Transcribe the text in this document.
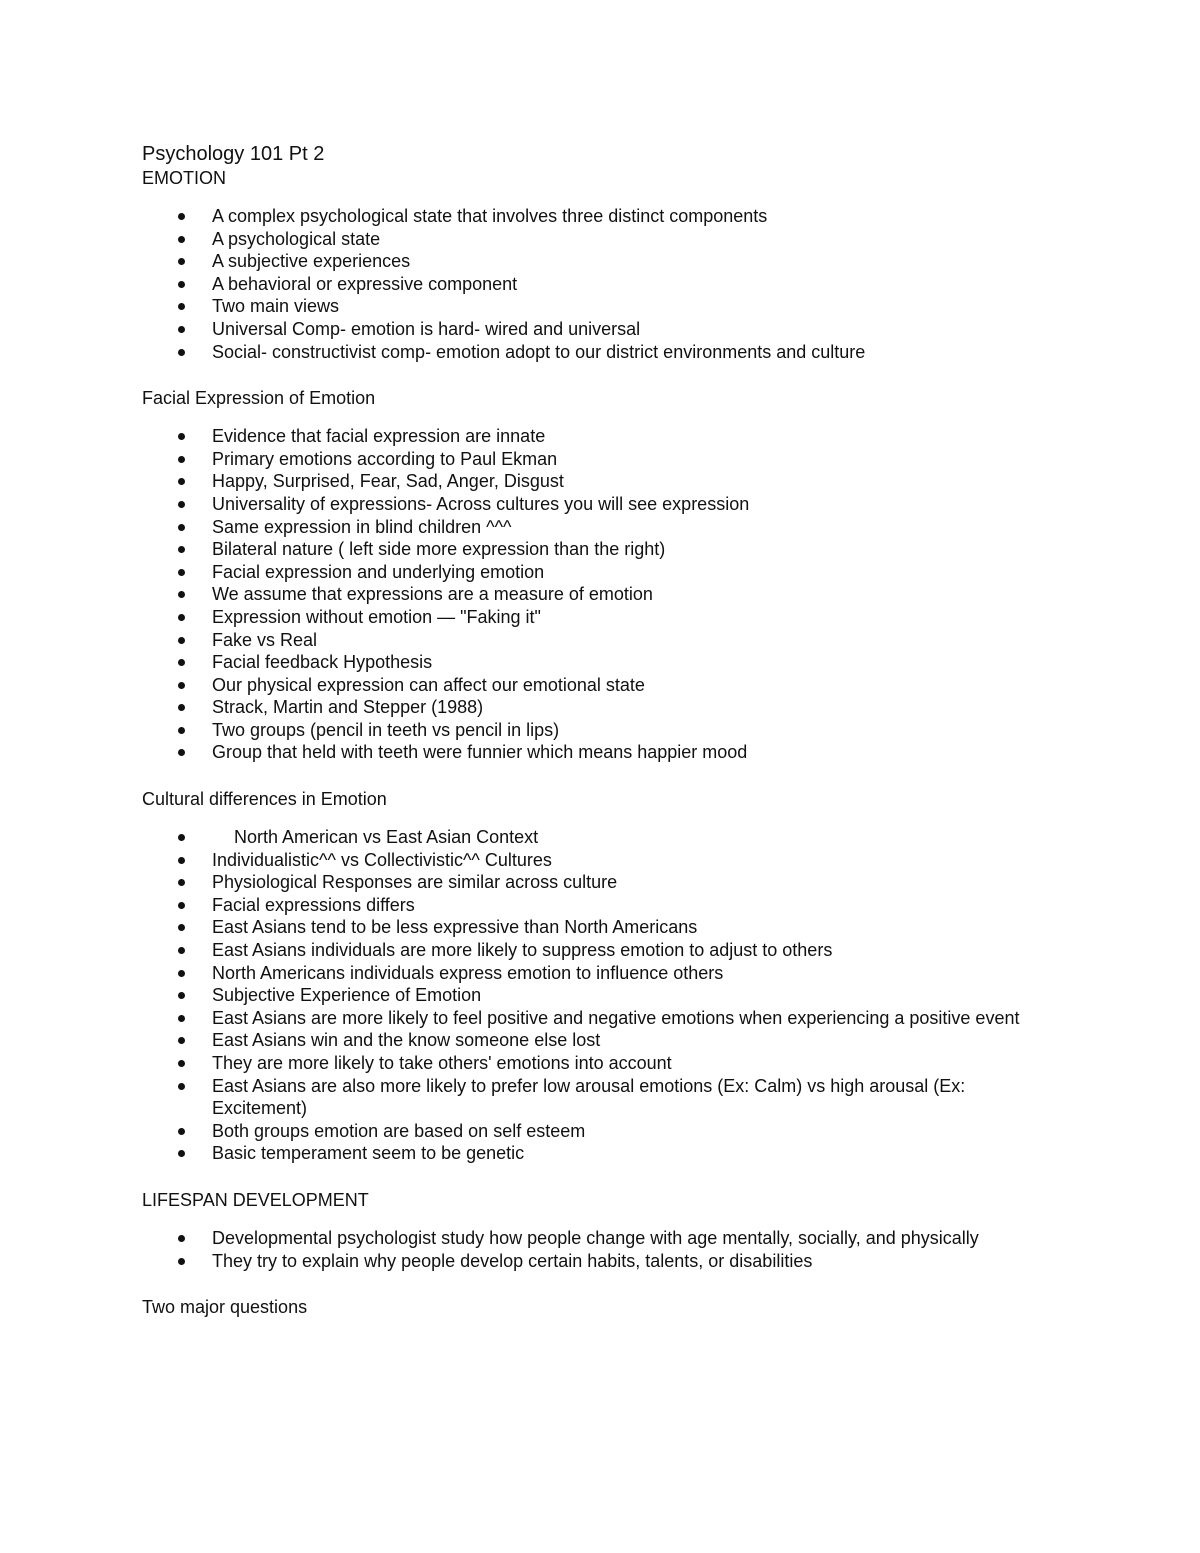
Psychology 101 Pt 2

EMOTION

A complex psychological state that involves three distinct components
A psychological state
A subjective experiences
A behavioral or expressive component
Two main views
Universal Comp- emotion is hard- wired and universal
Social- constructivist comp- emotion adopt to our district environments and culture

Facial Expression of Emotion

Evidence that facial expression are innate
Primary emotions according to Paul Ekman
Happy, Surprised, Fear, Sad, Anger, Disgust
Universality of expressions- Across cultures you will see expression
Same expression in blind children ^^^
Bilateral nature ( left side more expression than the right)
Facial expression and underlying emotion
We assume that expressions are a measure of emotion
Expression without emotion — "Faking it"
Fake vs Real
Facial feedback Hypothesis
Our physical expression can affect our emotional state
Strack, Martin and Stepper (1988)
Two groups (pencil in teeth vs pencil in lips)
Group that held with teeth were funnier which means happier mood

Cultural differences in Emotion

North American vs East Asian Context
Individualistic^^ vs Collectivistic^^ Cultures
Physiological Responses are similar across culture
Facial expressions differs
East Asians tend to be less expressive than North Americans
East Asians individuals are more likely to suppress emotion to adjust to others
North Americans individuals express emotion to influence others
Subjective Experience of Emotion
East Asians are more likely to feel positive and negative emotions when experiencing a positive event
East Asians win and the know someone else lost
They are more likely to take others' emotions into account
East Asians are also more likely to prefer low arousal emotions (Ex: Calm) vs high arousal (Ex: Excitement)
Both groups emotion are based on self esteem
Basic temperament seem to be genetic

LIFESPAN DEVELOPMENT

Developmental psychologist study how people change with age mentally, socially, and physically
They try to explain why people develop certain habits, talents, or disabilities

Two major questions
